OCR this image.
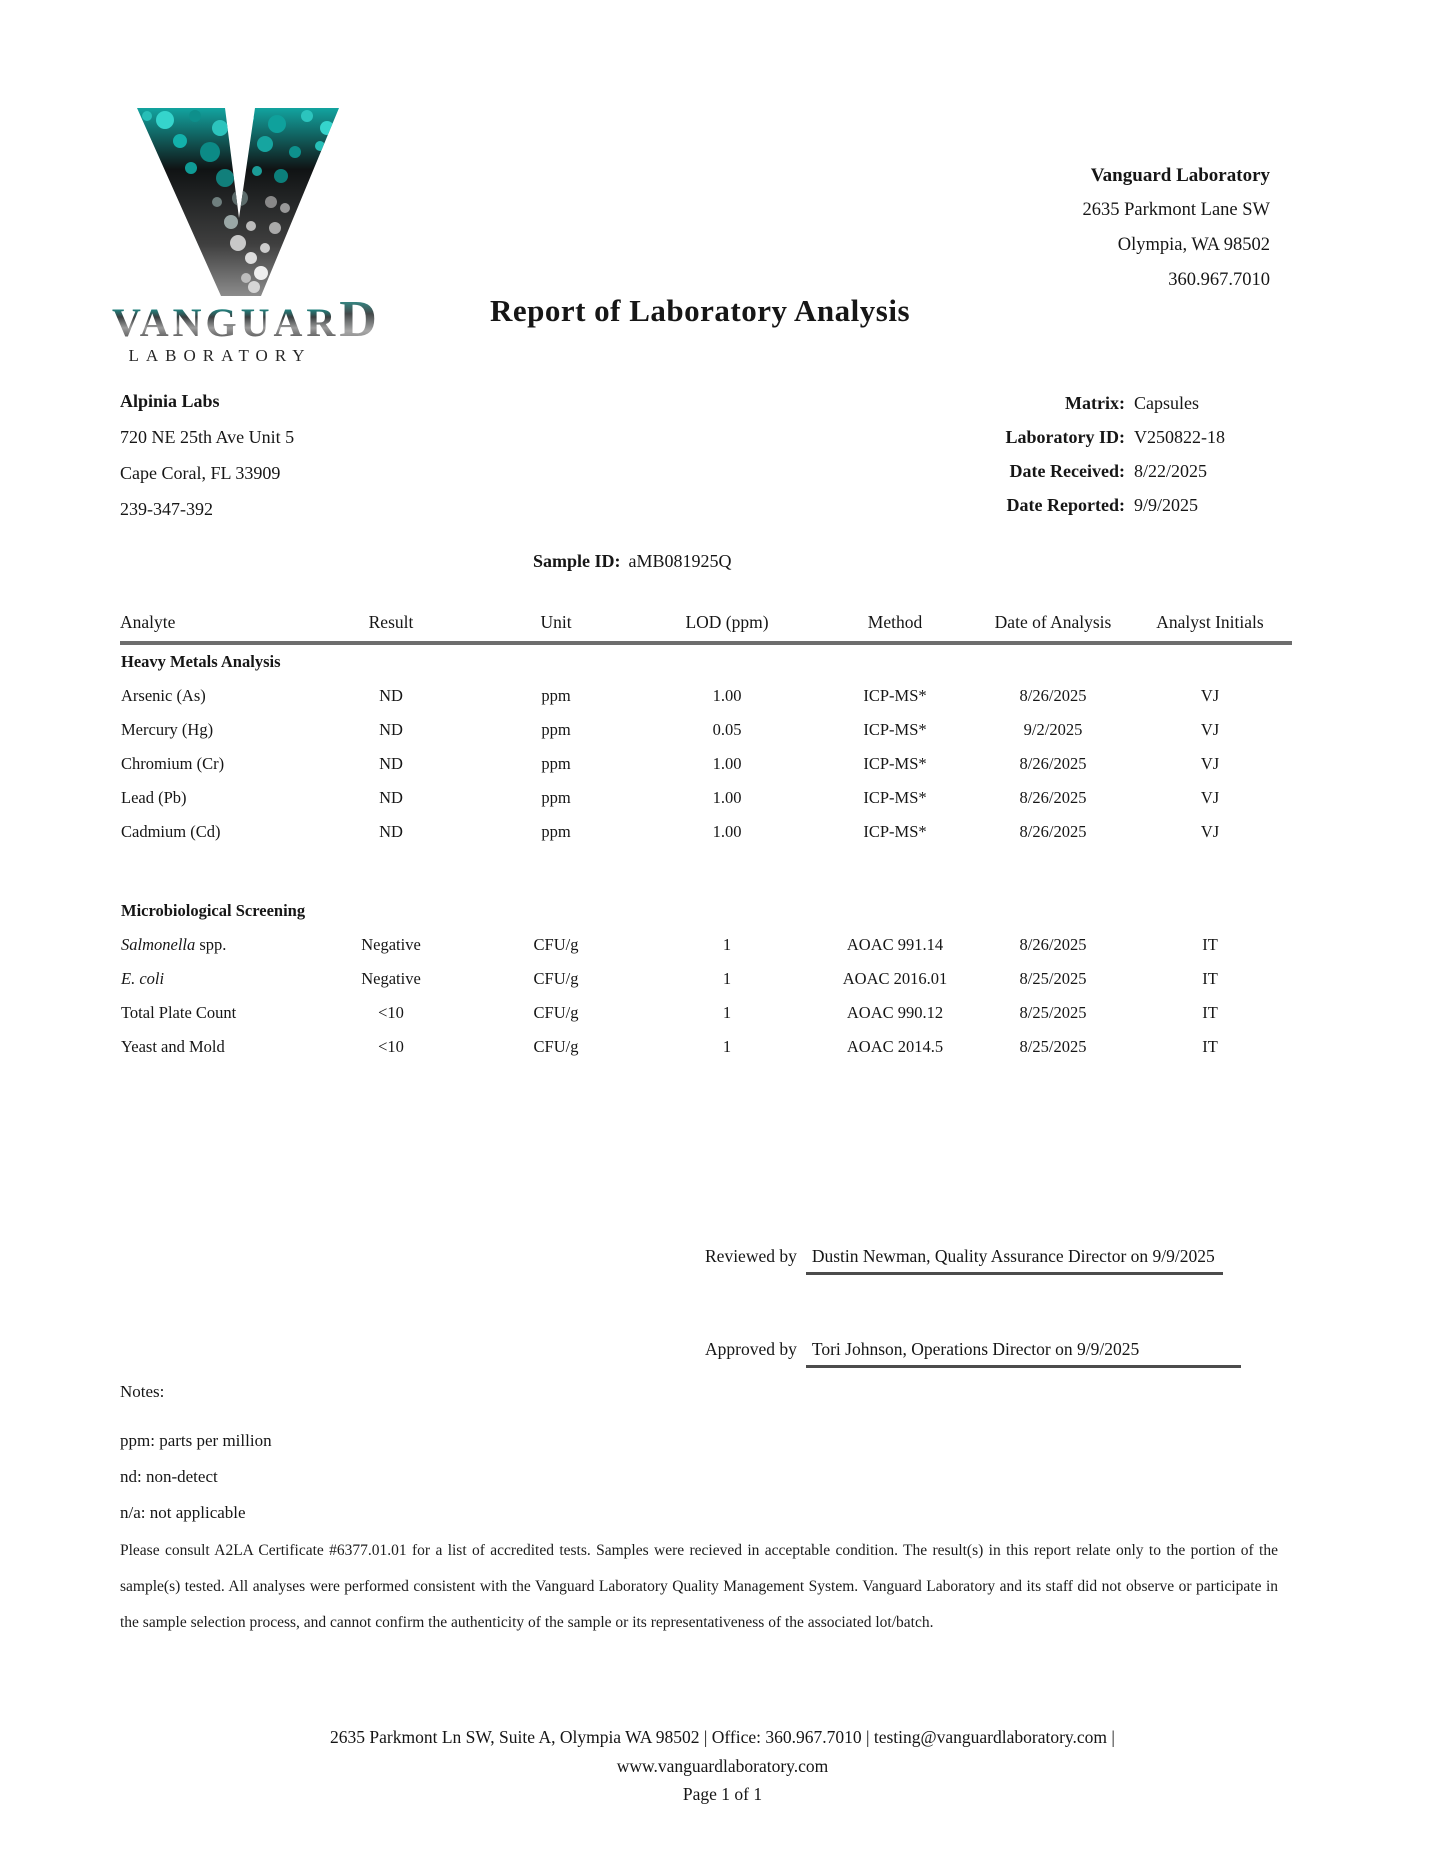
VANGUARD
LABORATORY
Vanguard Laboratory
2635 Parkmont Lane SW
Olympia, WA 98502
360.967.7010
Report of Laboratory Analysis
Alpinia Labs
720 NE 25th Ave Unit 5
Cape Coral, FL 33909
239-347-392
Matrix: Capsules
Laboratory ID: V250822-18
Date Received: 8/22/2025
Date Reported: 9/9/2025
Sample ID: aMB081925Q
Analyte	Result	Unit	LOD (ppm)	Method	Date of Analysis	Analyst Initials
Heavy Metals Analysis						
Arsenic (As)	ND	ppm	1.00	ICP-MS*	8/26/2025	VJ
Mercury (Hg)	ND	ppm	0.05	ICP-MS*	9/2/2025	VJ
Chromium (Cr)	ND	ppm	1.00	ICP-MS*	8/26/2025	VJ
Lead (Pb)	ND	ppm	1.00	ICP-MS*	8/26/2025	VJ
Cadmium (Cd)	ND	ppm	1.00	ICP-MS*	8/26/2025	VJ
Microbiological Screening						
Salmonella spp.	Negative	CFU/g	1	AOAC 991.14	8/26/2025	IT
E. coli	Negative	CFU/g	1	AOAC 2016.01	8/25/2025	IT
Total Plate Count	<10	CFU/g	1	AOAC 990.12	8/25/2025	IT
Yeast and Mold	<10	CFU/g	1	AOAC 2014.5	8/25/2025	IT
Reviewed by Dustin Newman, Quality Assurance Director on 9/9/2025
Approved by Tori Johnson, Operations Director on 9/9/2025
Notes:
ppm: parts per million
nd: non-detect
n/a: not applicable
Please consult A2LA Certificate #6377.01.01 for a list of accredited tests. Samples were recieved in acceptable condition. The result(s) in this report relate only to the portion of the sample(s) tested. All analyses were performed consistent with the Vanguard Laboratory Quality Management System. Vanguard Laboratory and its staff did not observe or participate in the sample selection process, and cannot confirm the authenticity of the sample or its representativeness of the associated lot/batch.
2635 Parkmont Ln SW, Suite A, Olympia WA 98502 | Office: 360.967.7010 | testing@vanguardlaboratory.com |
www.vanguardlaboratory.com
Page 1 of 1
